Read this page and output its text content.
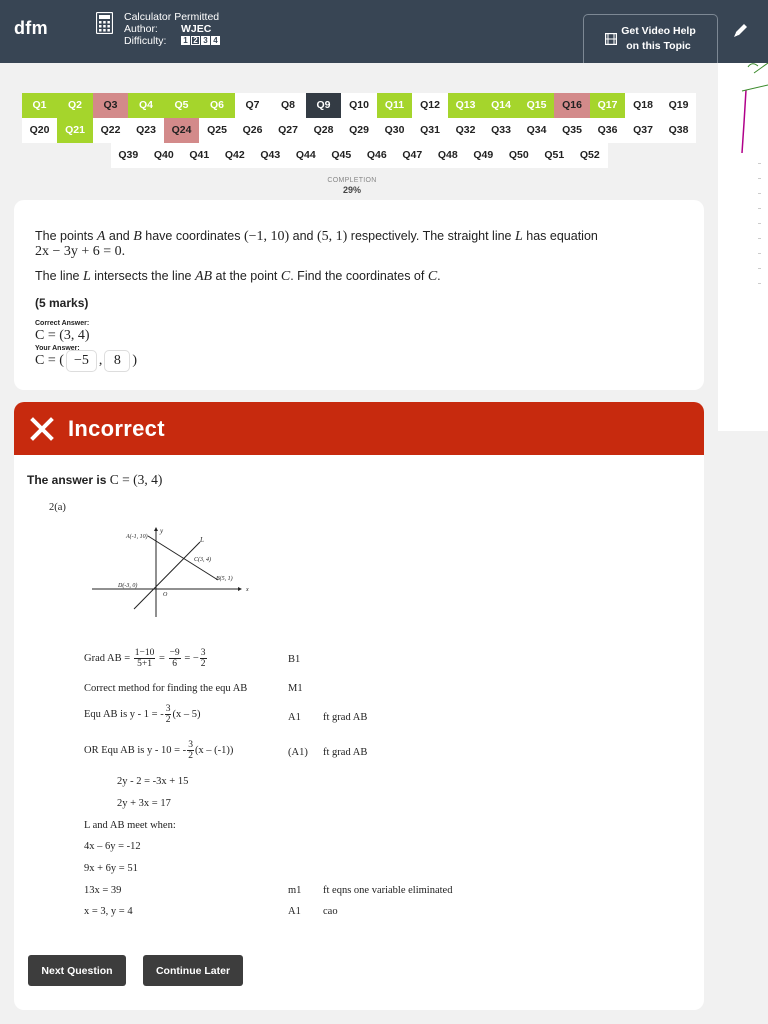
dfm
Calculator Permitted
Author:	WJEC
Difficulty:	1 2 3 4
Get Video Help
on this Topic
Q1	Q2	Q3	Q4	Q5	Q6	Q7	Q8	Q9	Q10	Q11	Q12	Q13	Q14	Q15	Q16	Q17	Q18	Q19
Q20	Q21	Q22	Q23	Q24	Q25	Q26	Q27	Q28	Q29	Q30	Q31	Q32	Q33	Q34	Q35	Q36	Q37	Q38
Q39	Q40	Q41	Q42	Q43	Q44	Q45	Q46	Q47	Q48	Q49	Q50	Q51	Q52
COMPLETION
29%
The points A and B have coordinates (−1, 10) and (5, 1) respectively. The straight line L has equation
2x − 3y + 6 = 0.
The line L intersects the line AB at the point C. Find the coordinates of C.
(5 marks)
Correct Answer:
C = (3, 4)
Your Answer:
C = ( −5 , 8 )
Incorrect
The answer is C = (3, 4)
2(a)
A(-1, 10)
y
L
C(3, 4)
B(5, 1)
D(-3, 0)
O
x
Grad AB = $\frac{1-10}{5+1} = \frac{-9}{6}$ = − $\frac{3}{2}$	B1
Correct method for finding the equ AB	M1
Equ AB is y - 1 = - $\frac{3}{2} (x - 5)$	A1 ft grad AB
OR Equ AB is y - 10 = - $\frac{3}{2} (x - (-1))$	(A1) ft grad AB
2y - 2 = -3x + 15
2y + 3x = 17
L and AB meet when:
4x – 6y = -12
9x + 6y = 51
13x = 39	m1 ft eqns one variable eliminated
x = 3, y = 4	A1 cao
Next Question	Continue Later
